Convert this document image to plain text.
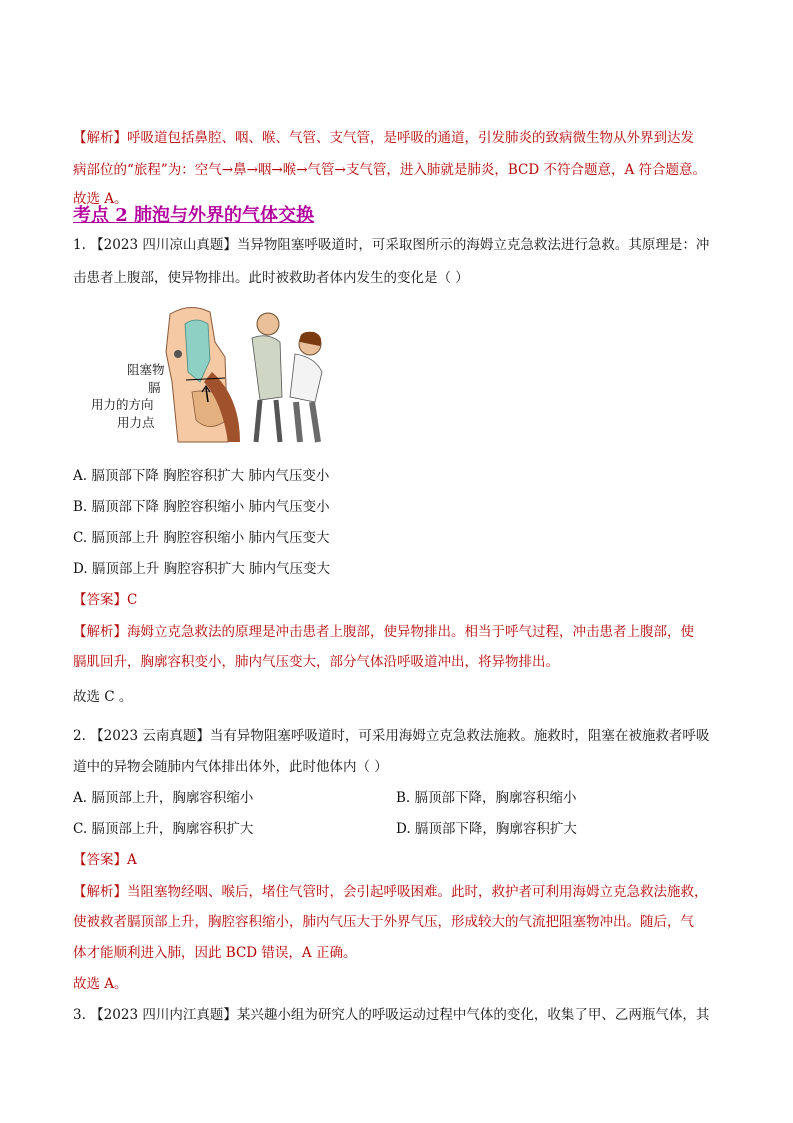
【解析】呼吸道包括鼻腔、咽、喉、气管、支气管，是呼吸的通道，引发肺炎的致病微生物从外界到达发
病部位的“旅程”为：空气→鼻→咽→喉→气管→支气管，进入肺就是肺炎，BCD 不符合题意，A 符合题意。
故选 A。
考点 2 肺泡与外界的气体交换
1. 【2023 四川凉山真题】当异物阻塞呼吸道时，可采取图所示的海姆立克急救法进行急救。其原理是：冲
击患者上腹部，使异物排出。此时被救助者体内发生的变化是（ ）
阻塞物
膈
用力的方向
用力点
A. 膈顶部下降 胸腔容积扩大 肺内气压变小
B. 膈顶部下降 胸腔容积缩小 肺内气压变小
C. 膈顶部上升 胸腔容积缩小 肺内气压变大
D. 膈顶部上升 胸腔容积扩大 肺内气压变大
【答案】C
【解析】海姆立克急救法的原理是冲击患者上腹部，使异物排出。相当于呼气过程，冲击患者上腹部，使
膈肌回升，胸廓容积变小，肺内气压变大，部分气体沿呼吸道冲出，将异物排出。
故选 C 。
2. 【2023 云南真题】当有异物阻塞呼吸道时，可采用海姆立克急救法施救。施救时，阻塞在被施救者呼吸
道中的异物会随肺内气体排出体外，此时他体内（ ）
A. 膈顶部上升，胸廓容积缩小	B. 膈顶部下降，胸廓容积缩小
C. 膈顶部上升，胸廓容积扩大	D. 膈顶部下降，胸廓容积扩大
【答案】A
【解析】当阻塞物经咽、喉后，堵住气管时，会引起呼吸困难。此时，救护者可利用海姆立克急救法施救，
使被救者膈顶部上升，胸腔容积缩小，肺内气压大于外界气压，形成较大的气流把阻塞物冲出。随后，气
体才能顺利进入肺，因此 BCD 错误，A 正确。
故选 A。
3. 【2023 四川内江真题】某兴趣小组为研究人的呼吸运动过程中气体的变化，收集了甲、乙两瓶气体，其
